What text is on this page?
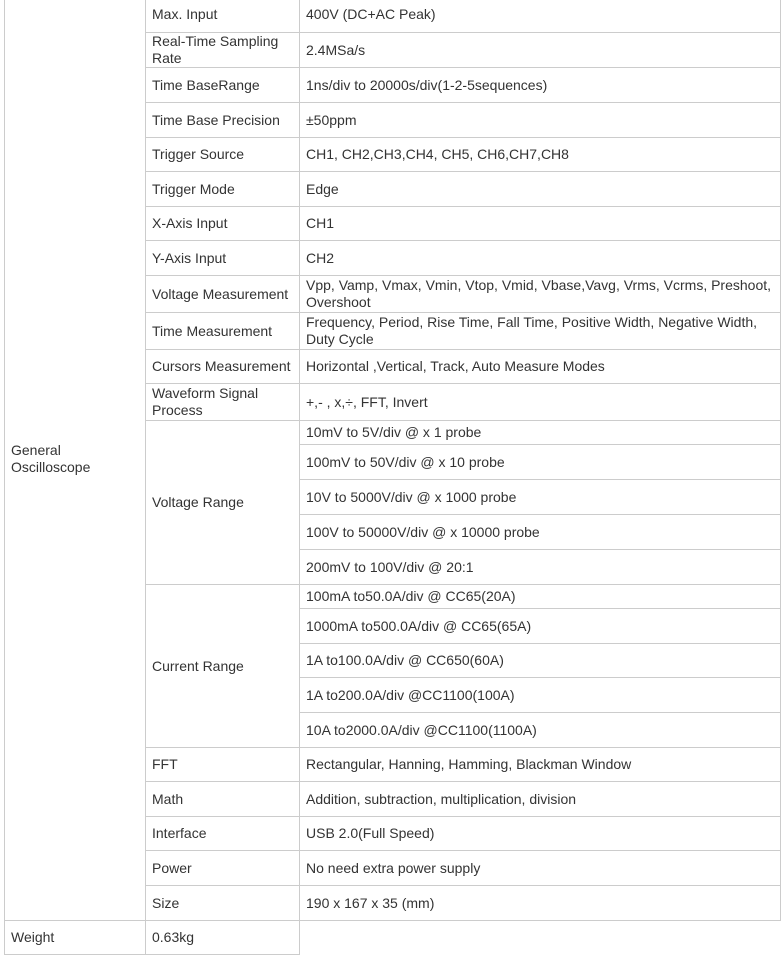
General Oscilloscope	Max. Input	400V (DC+AC Peak)
	Real-Time Sampling Rate	2.4MSa/s
	Time BaseRange	1ns/div to 20000s/div(1-2-5sequences)
	Time Base Precision	±50ppm
	Trigger Source	CH1, CH2,CH3,CH4, CH5, CH6,CH7,CH8
	Trigger Mode	Edge
	X-Axis Input	CH1
	Y-Axis Input	CH2
	Voltage Measurement	Vpp, Vamp, Vmax, Vmin, Vtop, Vmid, Vbase,Vavg, Vrms, Vcrms, Preshoot, Overshoot
	Time Measurement	Frequency, Period, Rise Time, Fall Time, Positive Width, Negative Width, Duty Cycle
	Cursors Measurement	Horizontal ,Vertical, Track, Auto Measure Modes
	Waveform Signal Process	+,- , x,÷, FFT, Invert
	Voltage Range	10mV to 5V/div @ x 1 probe
		100mV to 50V/div @ x 10 probe
		10V to 5000V/div @ x 1000 probe
		100V to 50000V/div @ x 10000 probe
		200mV to 100V/div @ 20:1
	Current Range	100mA to50.0A/div @ CC65(20A)
		1000mA to500.0A/div @ CC65(65A)
		1A to100.0A/div @ CC650(60A)
		1A to200.0A/div @CC1100(100A)
		10A to2000.0A/div @CC1100(1100A)
	FFT	Rectangular, Hanning, Hamming, Blackman Window
	Math	Addition, subtraction, multiplication, division
	Interface	USB 2.0(Full Speed)
	Power	No need extra power supply
	Size	190 x 167 x 35 (mm)
Weight	0.63kg	
